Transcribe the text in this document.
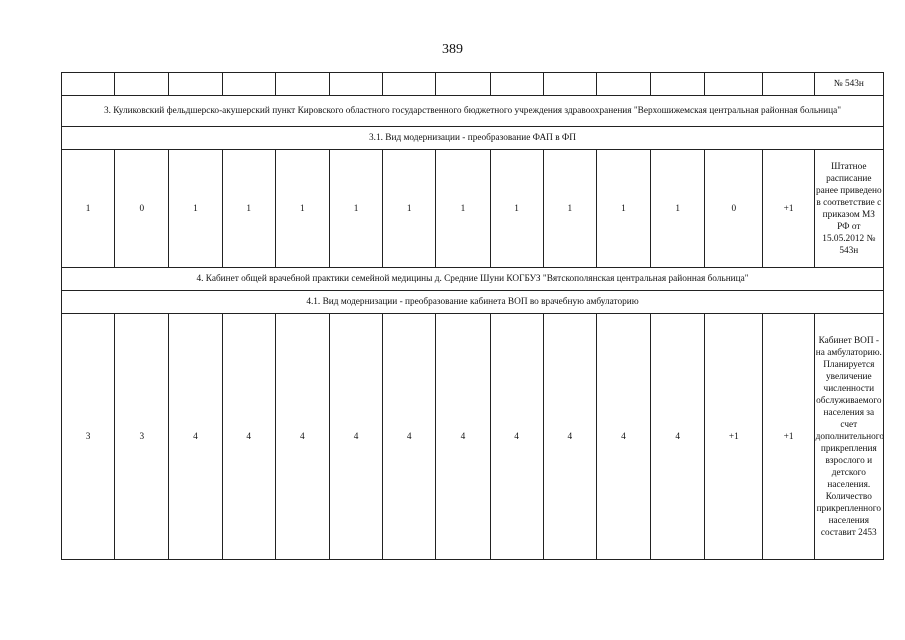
389
														№ 543н
3. Куликовский фельдшерско-акушерский пункт Кировского областного государственного бюджетного учреждения здравоохранения "Верхошижемская центральная районная больница"														
3.1. Вид модернизации - преобразование ФАП в ФП														
1	0	1	1	1	1	1	1	1	1	1	1	0	+1	Штатное расписание ранее приведено в соответствие с приказом МЗ РФ от 15.05.2012 № 543н
4. Кабинет общей врачебной практики семейной медицины д. Средние Шуни КОГБУЗ "Вятскополянская центральная районная больница"														
4.1. Вид модернизации - преобразование кабинета ВОП во врачебную амбулаторию														
3	3	4	4	4	4	4	4	4	4	4	4	+1	+1	Кабинет ВОП - на амбулаторию. Планируется увеличение численности обслуживаемого населения за счет дополнительного прикрепления взрослого и детского населения. Количество прикрепленного населения составит 2453
